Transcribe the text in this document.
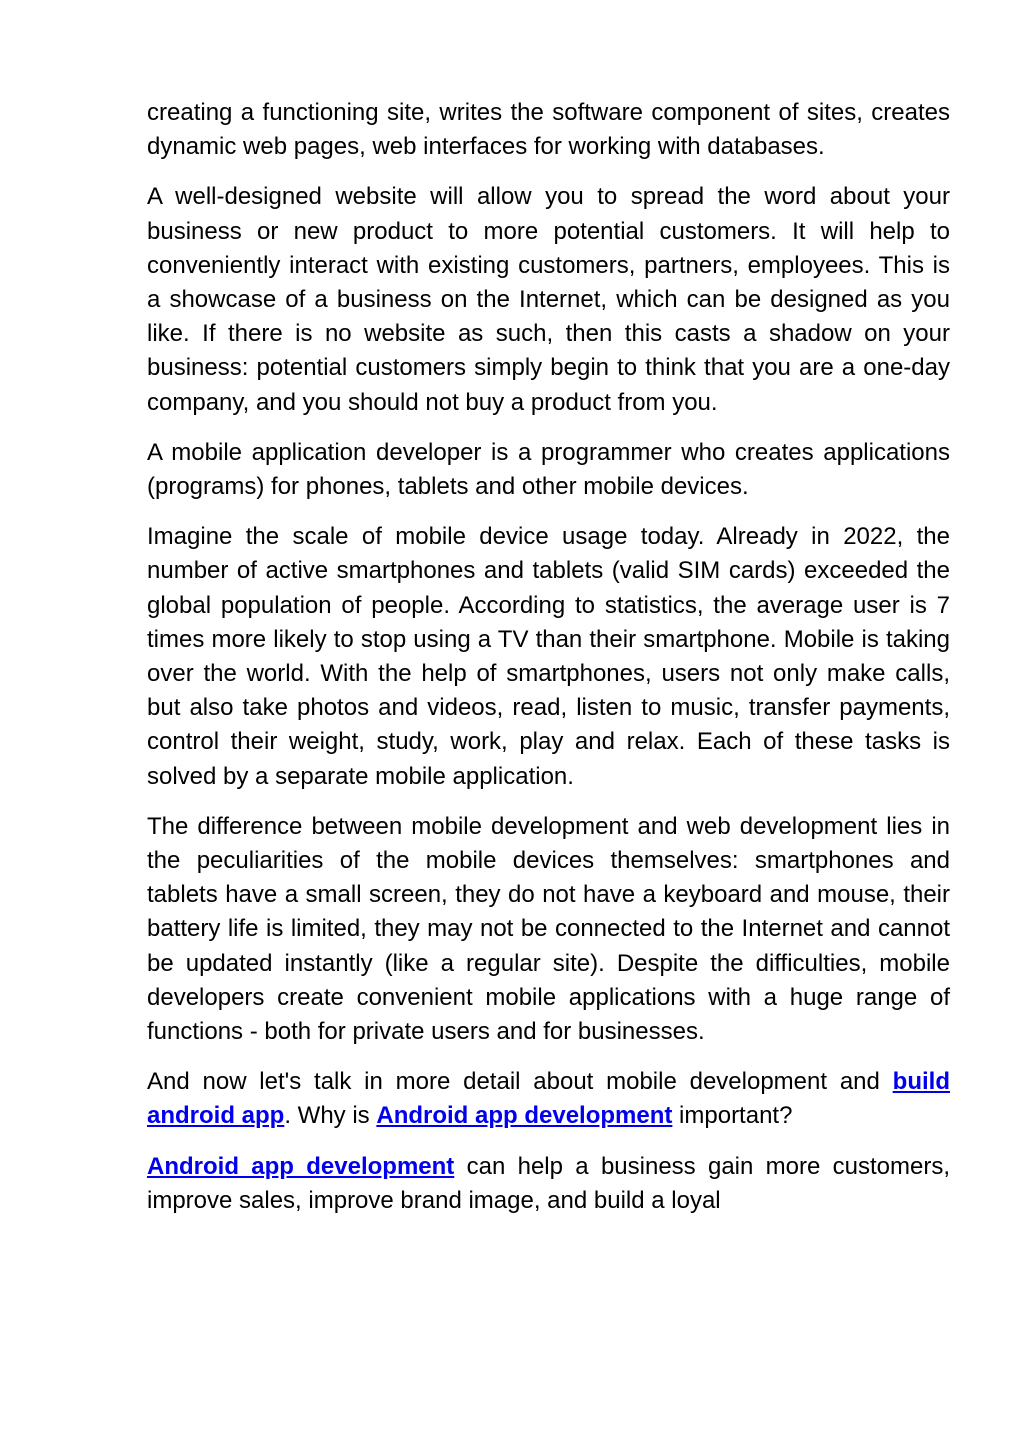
creating a functioning site, writes the software component of sites, creates dynamic web pages, web interfaces for working with databases.

A well-designed website will allow you to spread the word about your business or new product to more potential customers. It will help to conveniently interact with existing customers, partners, employees. This is a showcase of a business on the Internet, which can be designed as you like. If there is no website as such, then this casts a shadow on your business: potential customers simply begin to think that you are a one-day company, and you should not buy a product from you.

A mobile application developer is a programmer who creates applications (programs) for phones, tablets and other mobile devices.

Imagine the scale of mobile device usage today. Already in 2022, the number of active smartphones and tablets (valid SIM cards) exceeded the global population of people. According to statistics, the average user is 7 times more likely to stop using a TV than their smartphone. Mobile is taking over the world. With the help of smartphones, users not only make calls, but also take photos and videos, read, listen to music, transfer payments, control their weight, study, work, play and relax. Each of these tasks is solved by a separate mobile application.

The difference between mobile development and web development lies in the peculiarities of the mobile devices themselves: smartphones and tablets have a small screen, they do not have a keyboard and mouse, their battery life is limited, they may not be connected to the Internet and cannot be updated instantly (like a regular site). Despite the difficulties, mobile developers create convenient mobile applications with a huge range of functions - both for private users and for businesses.

And now let's talk in more detail about mobile development and build android app. Why is Android app development important?

Android app development can help a business gain more customers, improve sales, improve brand image, and build a loyal
